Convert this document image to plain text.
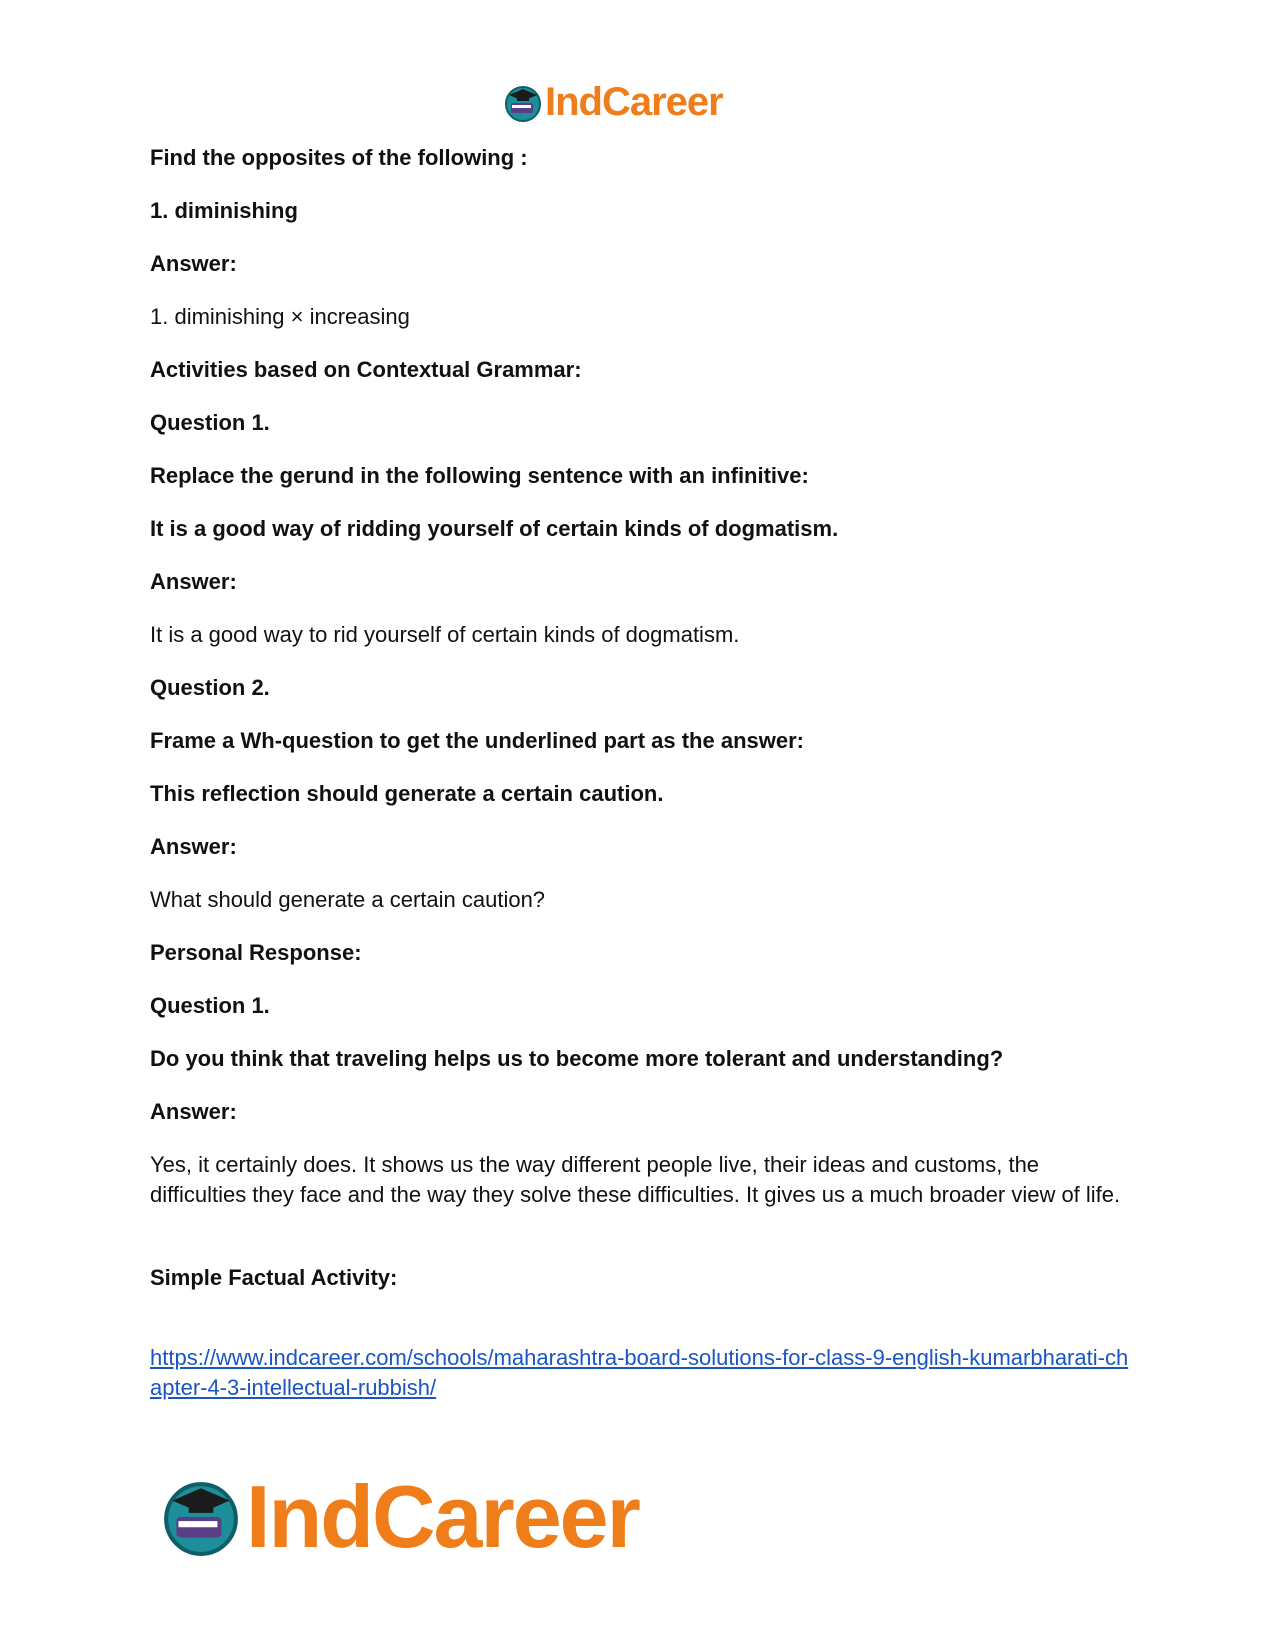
IndCareer
Find the opposites of the following :
1. diminishing
Answer:
1. diminishing × increasing
Activities based on Contextual Grammar:
Question 1.
Replace the gerund in the following sentence with an infinitive:
It is a good way of ridding yourself of certain kinds of dogmatism.
Answer:
It is a good way to rid yourself of certain kinds of dogmatism.
Question 2.
Frame a Wh-question to get the underlined part as the answer:
This reflection should generate a certain caution.
Answer:
What should generate a certain caution?
Personal Response:
Question 1.
Do you think that traveling helps us to become more tolerant and understanding?
Answer:
Yes, it certainly does. It shows us the way different people live, their ideas and customs, the difficulties they face and the way they solve these difficulties. It gives us a much broader view of life.
Simple Factual Activity:
https://www.indcareer.com/schools/maharashtra-board-solutions-for-class-9-english-kumarbharati-chapter-4-3-intellectual-rubbish/
IndCareer
